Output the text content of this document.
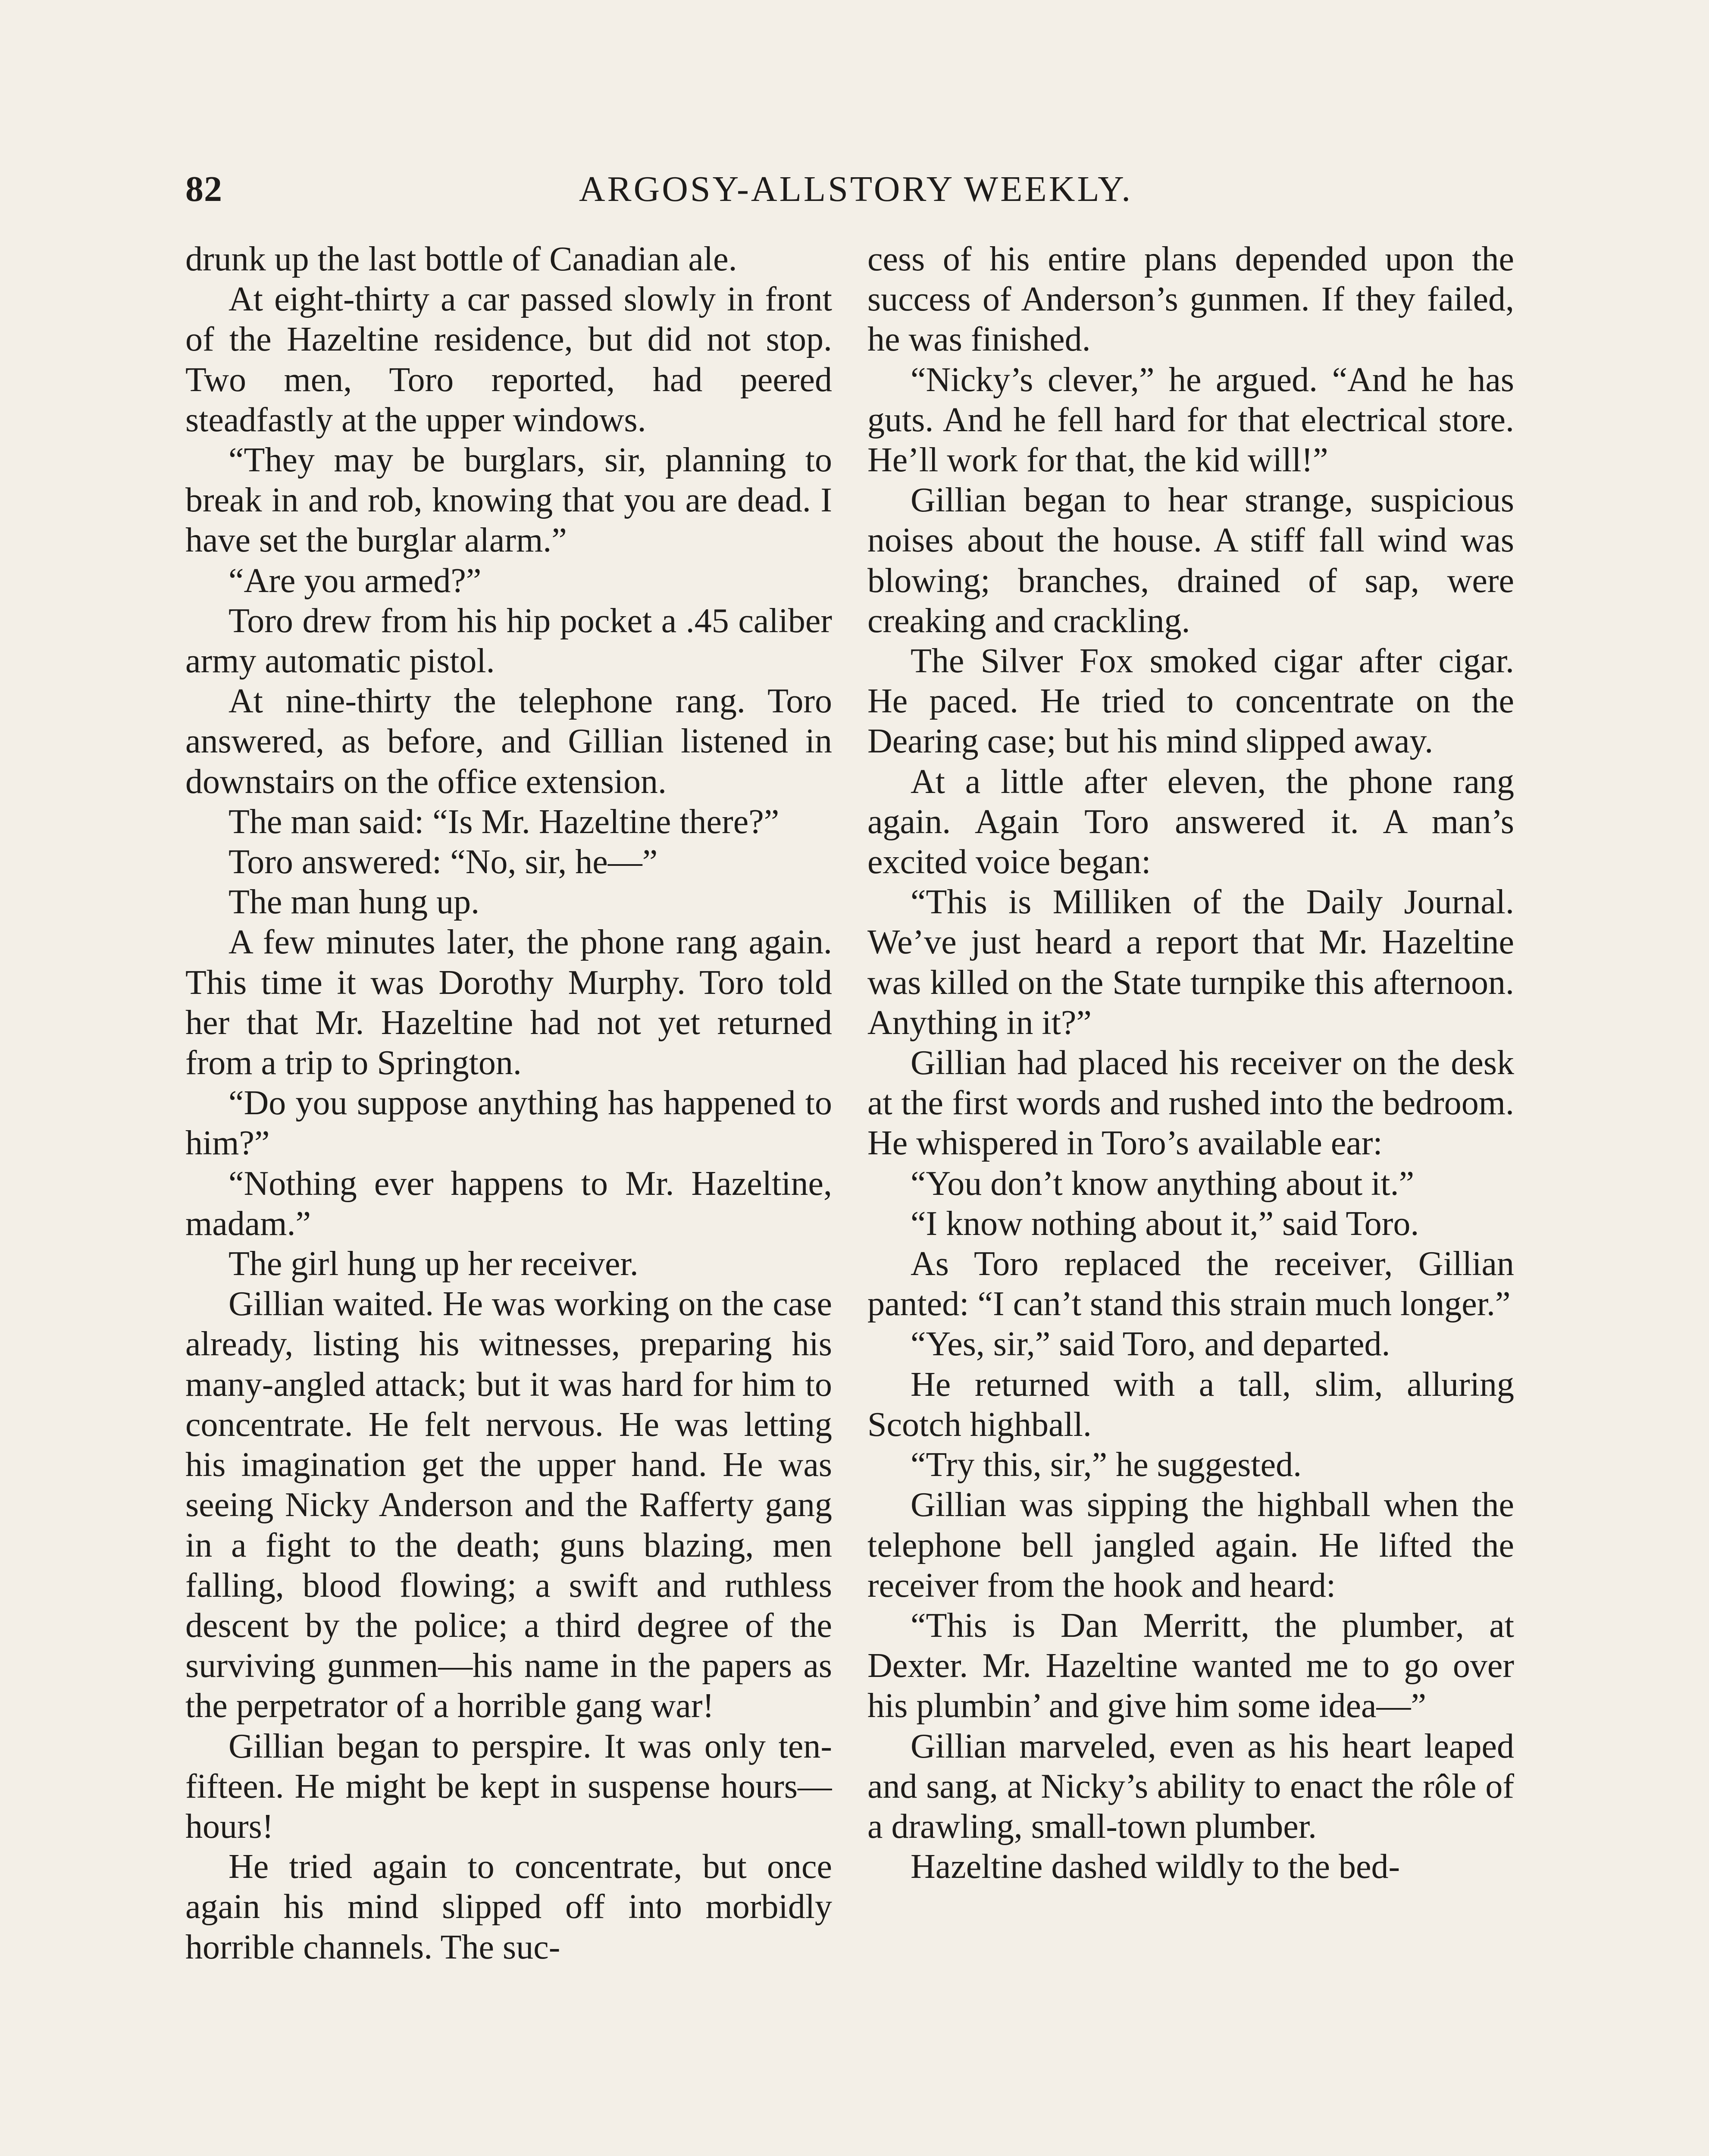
82	ARGOSY-ALLSTORY WEEKLY.

drunk up the last bottle of Canadian ale.

At eight-thirty a car passed slowly in front of the Hazeltine residence, but did not stop. Two men, Toro reported, had peered steadfastly at the upper windows.

“They may be burglars, sir, planning to break in and rob, knowing that you are dead. I have set the burglar alarm.”

“Are you armed?”

Toro drew from his hip pocket a .45 caliber army automatic pistol.

At nine-thirty the telephone rang. Toro answered, as before, and Gillian listened in downstairs on the office extension.

The man said: “Is Mr. Hazeltine there?”

Toro answered: “No, sir, he—”

The man hung up.

A few minutes later, the phone rang again. This time it was Dorothy Murphy. Toro told her that Mr. Hazeltine had not yet returned from a trip to Springton.

“Do you suppose anything has happened to him?”

“Nothing ever happens to Mr. Hazeltine, madam.”

The girl hung up her receiver.

Gillian waited. He was working on the case already, listing his witnesses, preparing his many-angled attack; but it was hard for him to concentrate. He felt nervous. He was letting his imagination get the upper hand. He was seeing Nicky Anderson and the Rafferty gang in a fight to the death; guns blazing, men falling, blood flowing; a swift and ruthless descent by the police; a third degree of the surviving gunmen—his name in the papers as the perpetrator of a horrible gang war!

Gillian began to perspire. It was only ten-fifteen. He might be kept in suspense hours—hours!

He tried again to concentrate, but once again his mind slipped off into morbidly horrible channels. The suc-

cess of his entire plans depended upon the success of Anderson’s gunmen. If they failed, he was finished.

“Nicky’s clever,” he argued. “And he has guts. And he fell hard for that electrical store. He’ll work for that, the kid will!”

Gillian began to hear strange, suspicious noises about the house. A stiff fall wind was blowing; branches, drained of sap, were creaking and crackling.

The Silver Fox smoked cigar after cigar. He paced. He tried to concentrate on the Dearing case; but his mind slipped away.

At a little after eleven, the phone rang again. Again Toro answered it. A man’s excited voice began:

“This is Milliken of the Daily Journal. We’ve just heard a report that Mr. Hazeltine was killed on the State turnpike this afternoon. Anything in it?”

Gillian had placed his receiver on the desk at the first words and rushed into the bedroom. He whispered in Toro’s available ear:

“You don’t know anything about it.”

“I know nothing about it,” said Toro.

As Toro replaced the receiver, Gillian panted: “I can’t stand this strain much longer.”

“Yes, sir,” said Toro, and departed.

He returned with a tall, slim, alluring Scotch highball.

“Try this, sir,” he suggested.

Gillian was sipping the highball when the telephone bell jangled again. He lifted the receiver from the hook and heard:

“This is Dan Merritt, the plumber, at Dexter. Mr. Hazeltine wanted me to go over his plumbin’ and give him some idea—”

Gillian marveled, even as his heart leaped and sang, at Nicky’s ability to enact the rôle of a drawling, small-town plumber.

Hazeltine dashed wildly to the bed-
